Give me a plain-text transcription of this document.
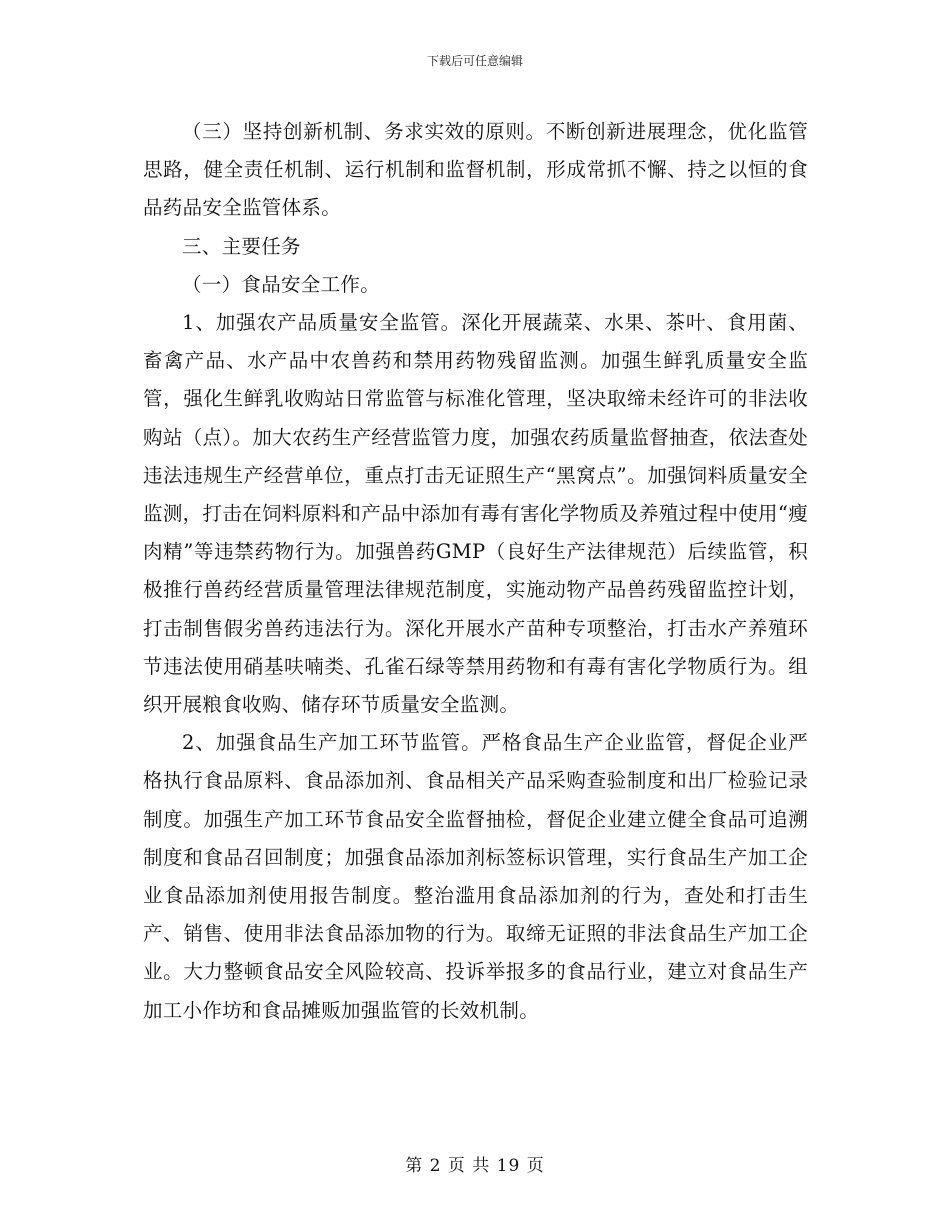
下载后可任意编辑

（三）坚持创新机制、务求实效的原则。不断创新进展理念，优化监管思路，健全责任机制、运行机制和监督机制，形成常抓不懈、持之以恒的食品药品安全监管体系。

三、主要任务

（一）食品安全工作。

1、加强农产品质量安全监管。深化开展蔬菜、水果、茶叶、食用菌、畜禽产品、水产品中农兽药和禁用药物残留监测。加强生鲜乳质量安全监管，强化生鲜乳收购站日常监管与标准化管理，坚决取缔未经许可的非法收购站（点）。加大农药生产经营监管力度，加强农药质量监督抽查，依法查处违法违规生产经营单位，重点打击无证照生产“黑窝点”。加强饲料质量安全监测，打击在饲料原料和产品中添加有毒有害化学物质及养殖过程中使用“瘦肉精”等违禁药物行为。加强兽药GMP（良好生产法律规范）后续监管，积极推行兽药经营质量管理法律规范制度，实施动物产品兽药残留监控计划，打击制售假劣兽药违法行为。深化开展水产苗种专项整治，打击水产养殖环节违法使用硝基呋喃类、孔雀石绿等禁用药物和有毒有害化学物质行为。组织开展粮食收购、储存环节质量安全监测。

2、加强食品生产加工环节监管。严格食品生产企业监管，督促企业严格执行食品原料、食品添加剂、食品相关产品采购查验制度和出厂检验记录制度。加强生产加工环节食品安全监督抽检，督促企业建立健全食品可追溯制度和食品召回制度；加强食品添加剂标签标识管理，实行食品生产加工企业食品添加剂使用报告制度。整治滥用食品添加剂的行为，查处和打击生产、销售、使用非法食品添加物的行为。取缔无证照的非法食品生产加工企业。大力整顿食品安全风险较高、投诉举报多的食品行业，建立对食品生产加工小作坊和食品摊贩加强监管的长效机制。

第 2 页 共 19 页
